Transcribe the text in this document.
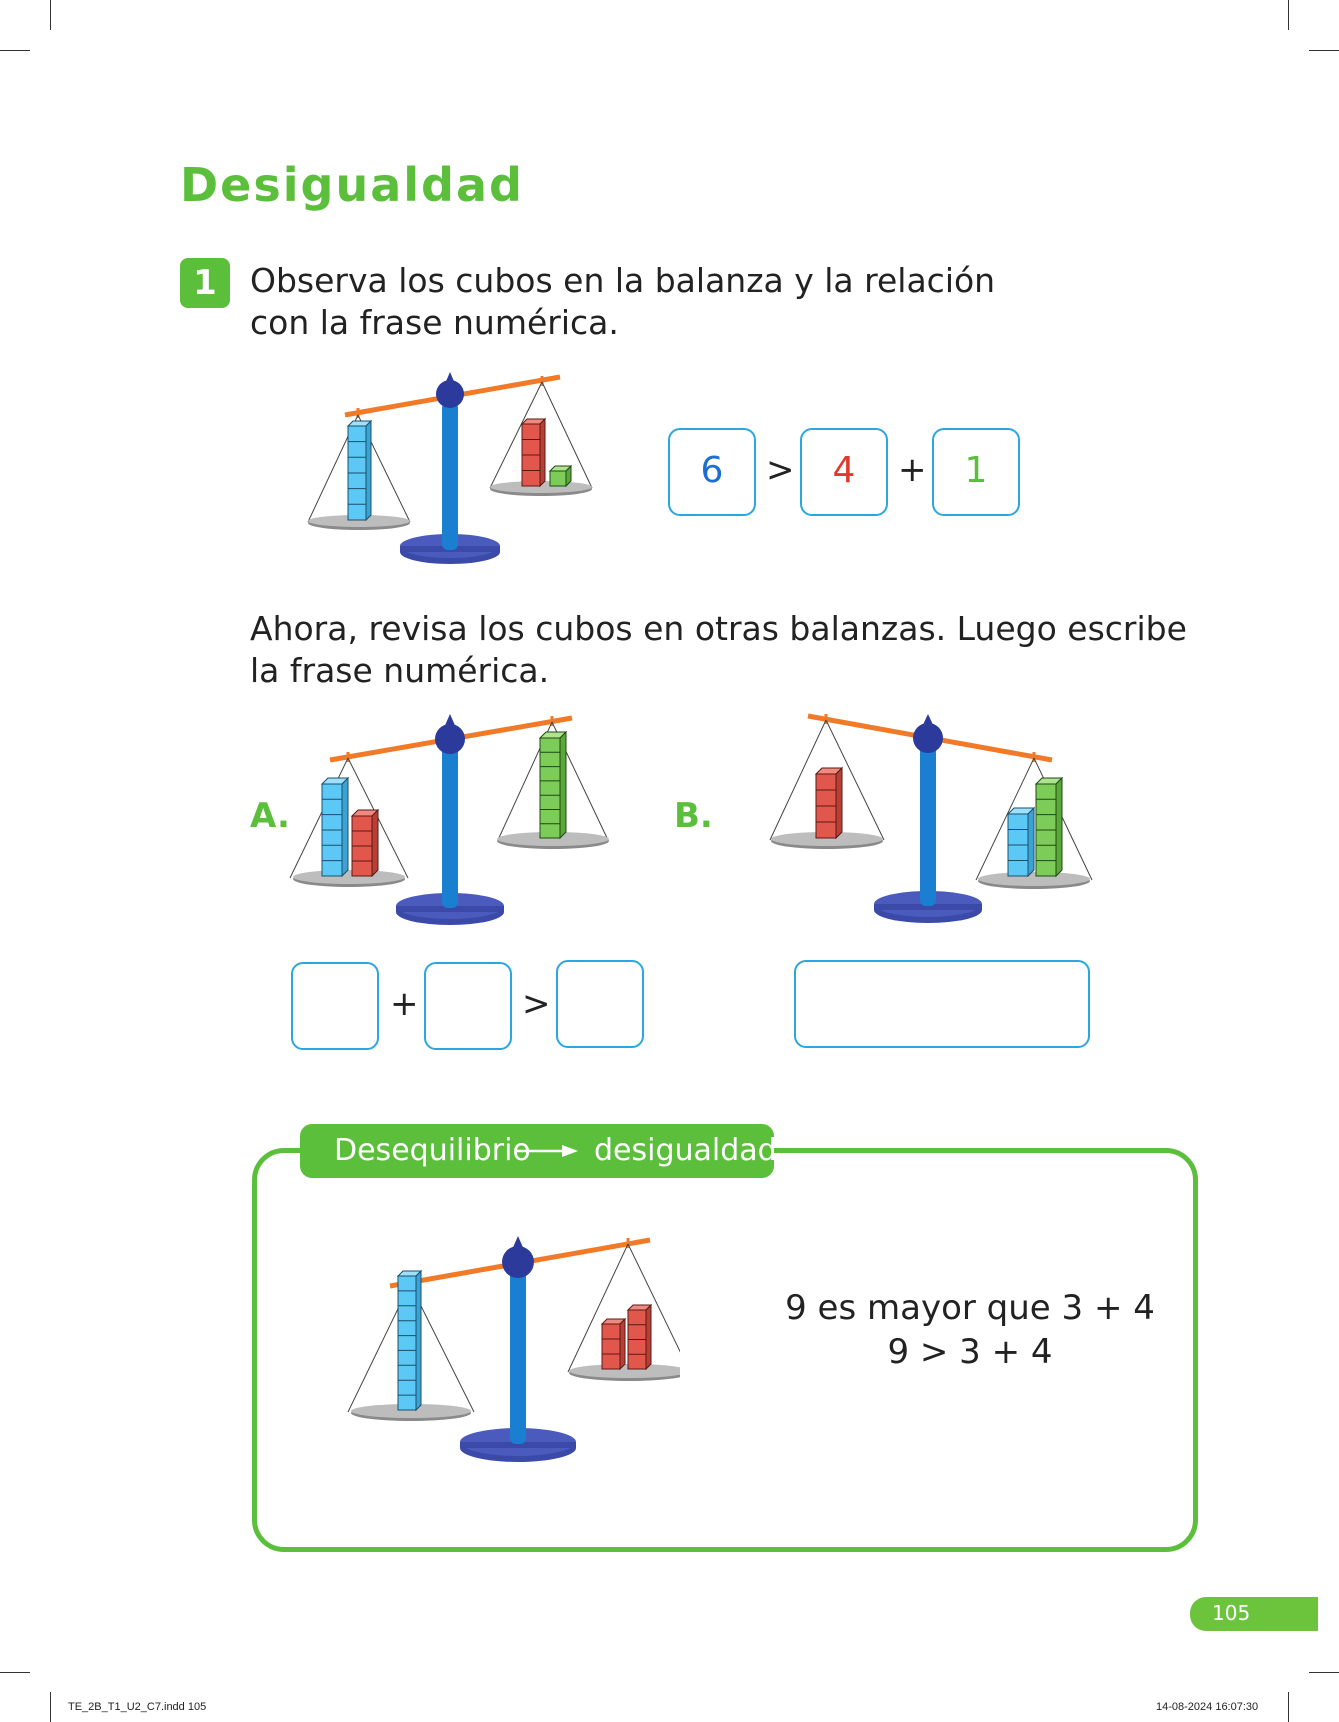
Desigualdad
1	Observa los cubos en la balanza y la relación
con la frase numérica.
6	>	4	+	1
Ahora, revisa los cubos en otras balanzas. Luego escribe
la frase numérica.
A.	B.
+	>
Desequilibrio desigualdad
9 es mayor que 3 + 4
9 > 3 + 4
105
TE_2B_T1_U2_C7.indd 105	14-08-2024 16:07:30
